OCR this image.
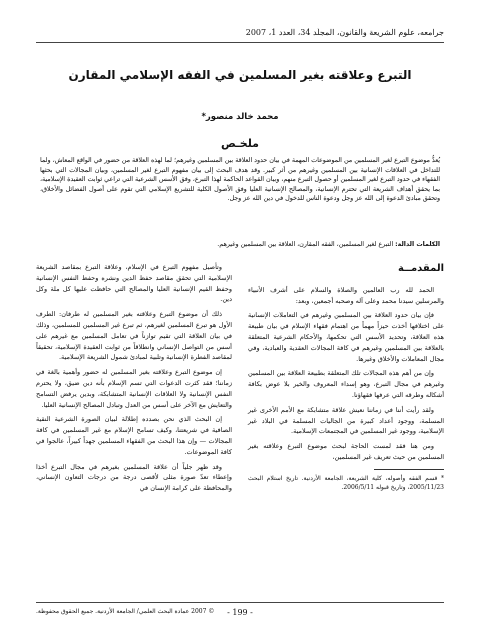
جرامعه، علوم الشريعة والقانون، المجلّد 34، العدد 1، 2007
التبرع وعلاقته بغير المسلمين في الفقه الإسلامي المقارن
محمد خالد منصور*
ملخـص
يُعدُّ موضوع التبرع لغير المسلمين من الموضوعات المهمة في بيان حدود العلاقة بين المسلمين وغيرهم؛ لما لهذه العلاقة من حضور في الواقع المعاش، ولما للتداخل في العلاقات الإنسانية بين المسلمين وغيرهم من أثر كبير. وقد هدف البحث إلى بيان مفهوم التبرع لغير المسلمين، وبيان المجالات التي بحثها الفقهاء في حدود التبرع لغير المسلمين أو حصول التبرع منهم، وبيان القواعد الحاكمة لهذا التبرع، وفق الأسس الشرعية التي تراعي ثوابت العقيدة الإسلامية، بما يحقق أهداف الشريعة التي تحترم الإنسانية، والمصالح الإنسانية العليا وفق الأصول الكلية للتشريع الإسلامي التي تقوم على أصول الفضائل والأخلاق، وتحقق مبادئ الدعوة إلى الله عز وجل ودعوة الناس للدخول في دين الله عز وجل.
الكلمات الدالة: التبرع لغير المسلمين، الفقه المقارن، العلاقة بين المسلمين وغيرهم.
المقدمــة

الحمد لله رب العالمين والصلاة والسلام على أشرف الأنبياء والمرسلين سيدنا محمد وعلى آله وصحبه أجمعين، وبعد:

فإن بيان حدود العلاقة بين المسلمين وغيرهم في التعاملات الإنسانية على اختلافها أخذت حيزاً مهماً من اهتمام فقهاء الإسلام في بيان طبيعة هذه العلاقة، وتحديد الأسس التي تحكمها، والأحكام الشرعية المتعلقة بالعلاقة بين المسلمين وغيرهم في كافة المجالات العقدية والعبادية، وفي مجال المعاملات والأخلاق وغيرها.

وإن من أهم هذه المجالات تلك المتعلقة بطبيعة العلاقة بين المسلمين وغيرهم في مجال التبرع، وهو إسداء المعروف والخير بلا عوض بكافة أشكاله وطرقه التي عرفها فقهاؤنا.

ولقد رأيت أننا في زماننا نعيش علاقة متشابكة مع الأمم الأخرى غير المسلمة، ووجود أعداد كبيرة من الجاليات المسلمة في البلاد غير الإسلامية، ووجود غير المسلمين في المجتمعات الإسلامية.

ومن هنا فقد لمست الحاجة لبحث موضوع التبرع وعلاقته بغير المسلمين من حيث تعريف غير المسلمين،

* قسم الفقه وأصوله، كلية الشريعة، الجامعة الأردنية. تاريخ استلام البحث 2005/11/23، وتاريخ قبوله 2006/5/11.

وتأصيل مفهوم التبرع في الإسلام، وعلاقة التبرع بمقاصد الشريعة الإسلامية التي تحقق مقاصد حفظ الدين ونشره وحفظ النفس الإنسانية وحفظ القيم الإنسانية العليا والمصالح التي حافظت عليها كل ملة وكل دين.

ذلك أن موضوع التبرع وعلاقته بغير المسلمين له طرفان: الطرف الأول هو تبرع المسلمين لغيرهم، ثم تبرع غير المسلمين للمسلمين، وذلك في بيان العلاقة التي تقيم توازناً في تعامل المسلمين مع غيرهم على أسس من التواصل الإنساني وانطلاقاً من ثوابت العقيدة الإسلامية، تحقيقاً لمقاصد الفطرة الإنسانية وتلبية لمبادئ شمول الشريعة الإسلامية.

إن موضوع التبرع وعلاقته بغير المسلمين له حضور وأهمية بالغة في زماننا؛ فقد كثرت الدعوات التي تسم الإسلام بأنه دين ضيق، ولا يحترم النفس الإنسانية ولا العلاقات الإنسانية المتشابكة، وبدين يرفض التسامح والتعايش مع الآخر على أسس من العدل وتبادل المصالح الإنسانية العليا.

إن البحث الذي نحن بصدده إطلالة لبيان الصورة الشرعية النقية الصافية في شريعتنا، وكيف تسامح الإسلام مع غير المسلمين في كافة المجالات — وإن هذا البحث من الفقهاء المسلمين جهداً كبيراً، عالجوا في كافة الموضوعات.

وقد ظهر جلياً أن علاقة المسلمين بغيرهم في مجال التبرع أخذا وإعطاء تعدّ صورة مثلى لأقصى درجة من درجات التعاون الإنساني، والمحافظة على كرامة الإنسان في

- 199 -
© 2007 عمادة البحث العلمي/ الجامعة الأردنية. جميع الحقوق محفوظة.
